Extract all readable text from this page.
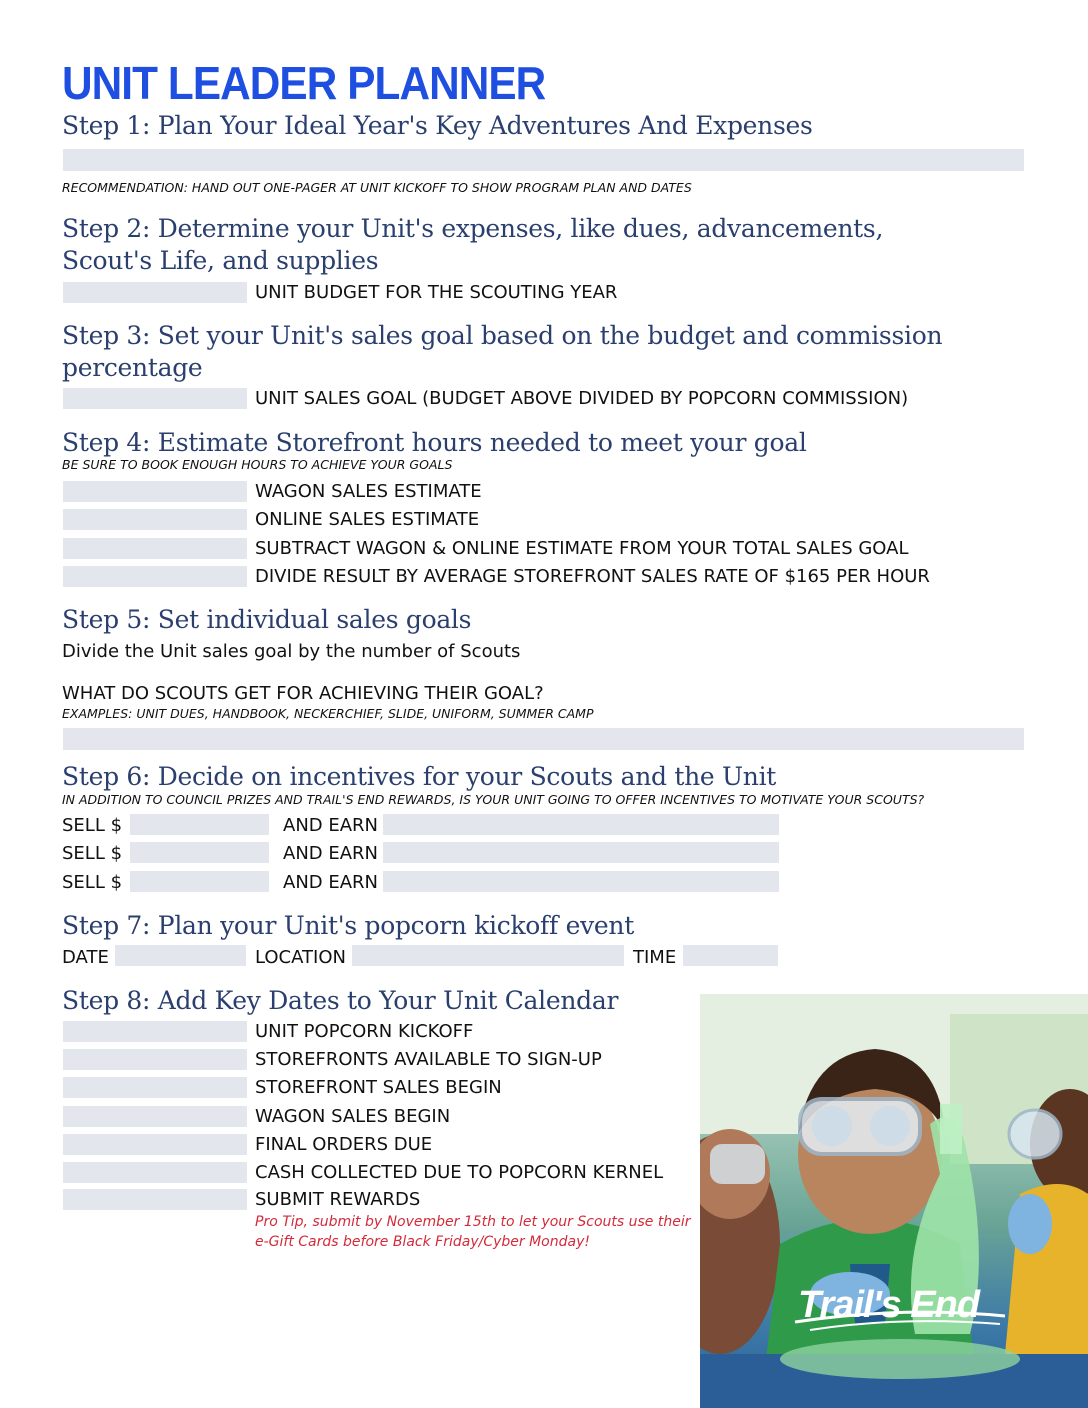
UNIT LEADER PLANNER
Step 1: Plan Your Ideal Year's Key Adventures And Expenses
RECOMMENDATION: HAND OUT ONE-PAGER AT UNIT KICKOFF TO SHOW PROGRAM PLAN AND DATES
Step 2: Determine your Unit's expenses, like dues, advancements,
Scout's Life, and supplies
UNIT BUDGET FOR THE SCOUTING YEAR
Step 3: Set your Unit's sales goal based on the budget and commission
percentage
UNIT SALES GOAL (BUDGET ABOVE DIVIDED BY POPCORN COMMISSION)
Step 4: Estimate Storefront hours needed to meet your goal
BE SURE TO BOOK ENOUGH HOURS TO ACHIEVE YOUR GOALS
WAGON SALES ESTIMATE
ONLINE SALES ESTIMATE
SUBTRACT WAGON & ONLINE ESTIMATE FROM YOUR TOTAL SALES GOAL
DIVIDE RESULT BY AVERAGE STOREFRONT SALES RATE OF $165 PER HOUR
Step 5: Set individual sales goals
Divide the Unit sales goal by the number of Scouts
WHAT DO SCOUTS GET FOR ACHIEVING THEIR GOAL?
EXAMPLES: UNIT DUES, HANDBOOK, NECKERCHIEF, SLIDE, UNIFORM, SUMMER CAMP
Step 6: Decide on incentives for your Scouts and the Unit
IN ADDITION TO COUNCIL PRIZES AND TRAIL'S END REWARDS, IS YOUR UNIT GOING TO OFFER INCENTIVES TO MOTIVATE YOUR SCOUTS?
SELL $	AND EARN
SELL $	AND EARN
SELL $	AND EARN
Step 7: Plan your Unit's popcorn kickoff event
DATE	LOCATION	TIME
Step 8: Add Key Dates to Your Unit Calendar
UNIT POPCORN KICKOFF
STOREFRONTS AVAILABLE TO SIGN-UP
STOREFRONT SALES BEGIN
WAGON SALES BEGIN
FINAL ORDERS DUE
CASH COLLECTED DUE TO POPCORN KERNEL
SUBMIT REWARDS
Pro Tip, submit by November 15th to let your Scouts use their
e-Gift Cards before Black Friday/Cyber Monday!
Trail's End
